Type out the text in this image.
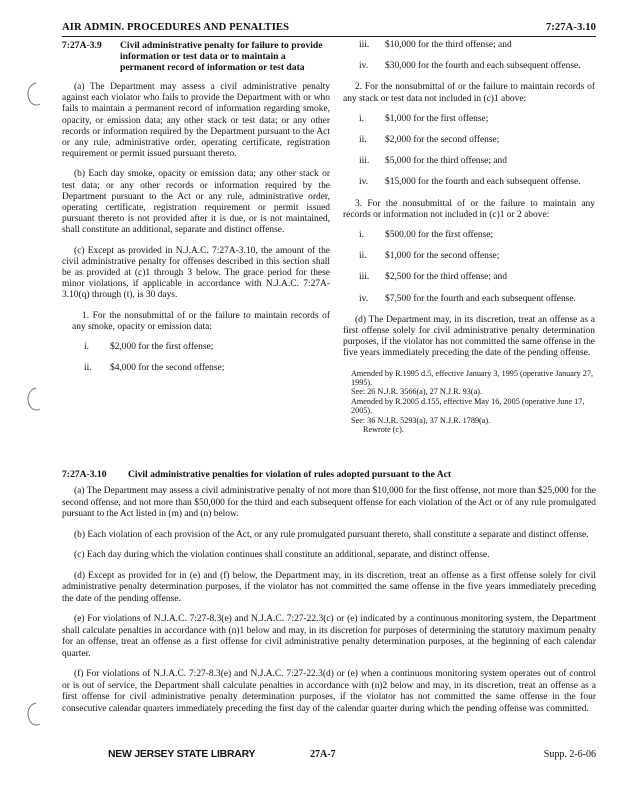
AIR ADMIN. PROCEDURES AND PENALTIES	7:27A-3.10
7:27A-3.9	Civil administrative penalty for failure to provide information or test data or to maintain a permanent record of information or test data

(a) The Department may assess a civil administrative penalty against each violator who fails to provide the Department with or who fails to maintain a permanent record of information regarding smoke, opacity, or emission data; any other stack or test data; or any other records or information required by the Department pursuant to the Act or any rule, administrative order, operating certificate, registration requirement or permit issued pursuant thereto.

(b) Each day smoke, opacity or emission data; any other stack or test data; or any other records or information required by the Department pursuant to the Act or any rule, administrative order, operating certificate, registration requirement or permit issued pursuant thereto is not provided after it is due, or is not maintained, shall constitute an additional, separate and distinct offense.

(c) Except as provided in N.J.A.C. 7:27A-3.10, the amount of the civil administrative penalty for offenses described in this section shall be as provided at (c)1 through 3 below. The grace period for these minor violations, if applicable in accordance with N.J.A.C. 7:27A-3.10(q) through (t), is 30 days.

1. For the nonsubmittal of or the failure to maintain records of any smoke, opacity or emission data:

i.	$2,000 for the first offense;
ii.	$4,000 for the second offense;
iii.	$10,000 for the third offense; and
iv.	$30,000 for the fourth and each subsequent offense.

2. For the nonsubmittal of or the failure to maintain records of any stack or test data not included in (c)1 above:

i.	$1,000 for the first offense;
ii.	$2,000 for the second offense;
iii.	$5,000 for the third offense; and
iv.	$15,000 for the fourth and each subsequent offense.

3. For the nonsubmittal of or the failure to maintain any records or information not included in (c)1 or 2 above:

i.	$500.00 for the first offense;
ii.	$1,000 for the second offense;
iii.	$2,500 for the third offense; and
iv.	$7,500 for the fourth and each subsequent offense.

(d) The Department may, in its discretion, treat an offense as a first offense solely for civil administrative penalty determination purposes, if the violator has not committed the same offense in the five years immediately preceding the date of the pending offense.

Amended by R.1995 d.5, effective January 3, 1995 (operative January 27, 1995).

See: 26 N.J.R. 3566(a), 27 N.J.R. 93(a).

Amended by R.2005 d.155, effective May 16, 2005 (operative June 17, 2005).

See: 36 N.J.R. 5293(a), 37 N.J.R. 1789(a).

Rewrote (c).

7:27A-3.10	Civil administrative penalties for violation of rules adopted pursuant to the Act

(a) The Department may assess a civil administrative penalty of not more than $10,000 for the first offense, not more than $25,000 for the second offense, and not more than $50,000 for the third and each subsequent offense for each violation of the Act or of any rule promulgated pursuant to the Act listed in (m) and (n) below.

(b) Each violation of each provision of the Act, or any rule promulgated pursuant thereto, shall constitute a separate and distinct offense.

(c) Each day during which the violation continues shall constitute an additional, separate, and distinct offense.

(d) Except as provided for in (e) and (f) below, the Department may, in its discretion, treat an offense as a first offense solely for civil administrative penalty determination purposes, if the violator has not committed the same offense in the five years immediately preceding the date of the pending offense.

(e) For violations of N.J.A.C. 7:27-8.3(e) and N.J.A.C. 7:27-22.3(c) or (e) indicated by a continuous monitoring system, the Department shall calculate penalties in accordance with (n)1 below and may, in its discretion for purposes of determining the statutory maximum penalty for an offense, treat an offense as a first offense for civil administrative penalty determination purposes, at the beginning of each calendar quarter.

(f) For violations of N.J.A.C. 7:27-8.3(e) and N.J.A.C. 7:27-22.3(d) or (e) when a continuous monitoring system operates out of control or is out of service, the Department shall calculate penalties in accordance with (n)2 below and may, in its discretion, treat an offense as a first offense for civil administrative penalty determination purposes, if the violator has not committed the same offense in the four consecutive calendar quarters immediately preceding the first day of the calendar quarter during which the pending offense was committed.

NEW JERSEY STATE LIBRARY	27A-7	Supp. 2-6-06
